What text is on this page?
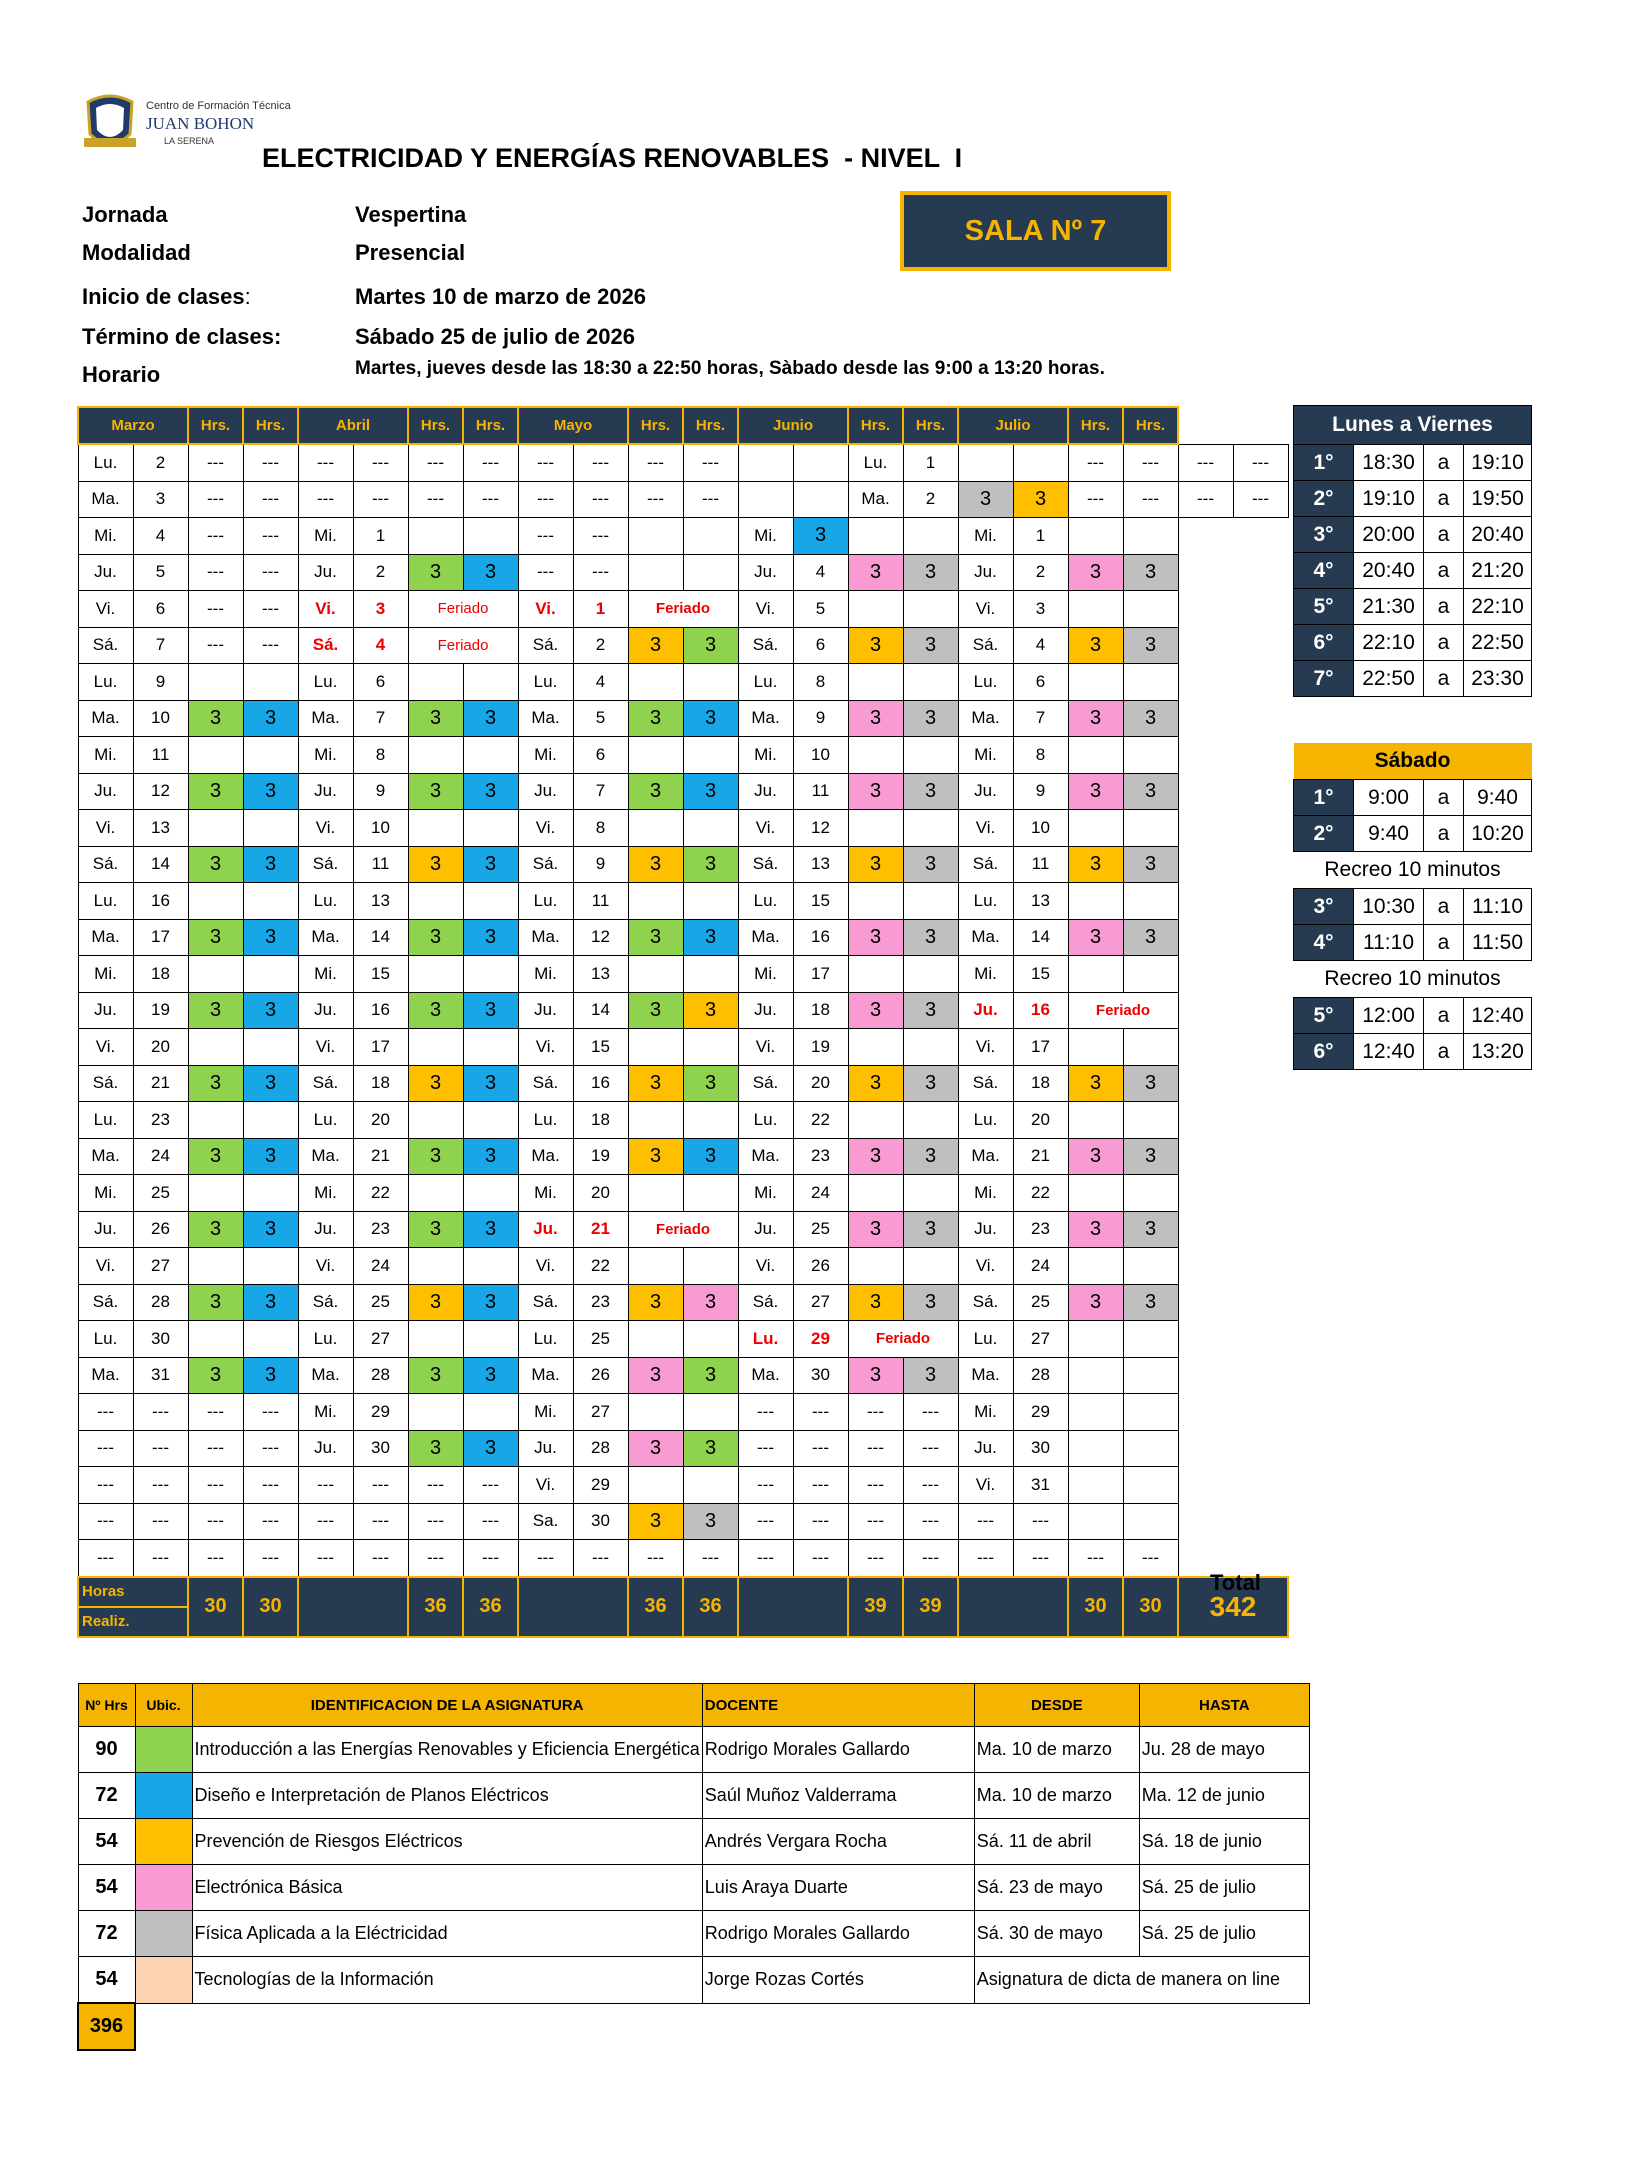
Centro de Formación Técnica
JUAN BOHON
LA SERENA
ELECTRICIDAD Y ENERGÍAS RENOVABLES  - NIVEL  I
Jornada	Vespertina
Modalidad	Presencial
Inicio de clases:	Martes 10 de marzo de 2026
Término de clases:	Sábado 25 de julio de 2026
Horario	Martes, jueves desde las 18:30 a 22:50 horas, Sàbado desde las 9:00 a 13:20 horas.
SALA Nº 7
Marzo		Hrs.	Hrs.	Abril		Hrs.	Hrs.	Mayo		Hrs.	Hrs.	Junio		Hrs.	Hrs.	Julio		Hrs.	Hrs.		
Lu.	2	---	---	---	---	---	---	---	---	---	---			Lu.	1			---	---	---	---
Ma.	3	---	---	---	---	---	---	---	---	---	---			Ma.	2	3	3	---	---	---	---
Mi.	4	---	---	Mi.	1			---	---			Mi.	3			Mi.	1				
Ju.	5	---	---	Ju.	2	3	3	---	---			Ju.	4	3	3	Ju.	2	3	3		
Vi.	6	---	---	Vi.	3	Feriado		Vi.	1	Feriado		Vi.	5			Vi.	3				
Sá.	7	---	---	Sá.	4	Feriado		Sá.	2	3	3	Sá.	6	3	3	Sá.	4	3	3		
Lu.	9			Lu.	6			Lu.	4			Lu.	8			Lu.	6				
Ma.	10	3	3	Ma.	7	3	3	Ma.	5	3	3	Ma.	9	3	3	Ma.	7	3	3		
Mi.	11			Mi.	8			Mi.	6			Mi.	10			Mi.	8				
Ju.	12	3	3	Ju.	9	3	3	Ju.	7	3	3	Ju.	11	3	3	Ju.	9	3	3		
Vi.	13			Vi.	10			Vi.	8			Vi.	12			Vi.	10				
Sá.	14	3	3	Sá.	11	3	3	Sá.	9	3	3	Sá.	13	3	3	Sá.	11	3	3		
Lu.	16			Lu.	13			Lu.	11			Lu.	15			Lu.	13				
Ma.	17	3	3	Ma.	14	3	3	Ma.	12	3	3	Ma.	16	3	3	Ma.	14	3	3		
Mi.	18			Mi.	15			Mi.	13			Mi.	17			Mi.	15				
Ju.	19	3	3	Ju.	16	3	3	Ju.	14	3	3	Ju.	18	3	3	Ju.	16	Feriado			
Vi.	20			Vi.	17			Vi.	15			Vi.	19			Vi.	17				
Sá.	21	3	3	Sá.	18	3	3	Sá.	16	3	3	Sá.	20	3	3	Sá.	18	3	3		
Lu.	23			Lu.	20			Lu.	18			Lu.	22			Lu.	20				
Ma.	24	3	3	Ma.	21	3	3	Ma.	19	3	3	Ma.	23	3	3	Ma.	21	3	3		
Mi.	25			Mi.	22			Mi.	20			Mi.	24			Mi.	22				
Ju.	26	3	3	Ju.	23	3	3	Ju.	21	Feriado		Ju.	25	3	3	Ju.	23	3	3		
Vi.	27			Vi.	24			Vi.	22			Vi.	26			Vi.	24				
Sá.	28	3	3	Sá.	25	3	3	Sá.	23	3	3	Sá.	27	3	3	Sá.	25	3	3		
Lu.	30			Lu.	27			Lu.	25			Lu.	29	Feriado		Lu.	27				
Ma.	31	3	3	Ma.	28	3	3	Ma.	26	3	3	Ma.	30	3	3	Ma.	28				
---	---	---	---	Mi.	29			Mi.	27			---	---	---	---	Mi.	29				
---	---	---	---	Ju.	30	3	3	Ju.	28	3	3	---	---	---	---	Ju.	30				
---	---	---	---	---	---	---	---	Vi.	29			---	---	---	---	Vi.	31				
---	---	---	---	---	---	---	---	Sa.	30	3	3	---	---	---	---	---	---				
---	---	---	---	---	---	---	---	---	---	---	---	---	---	---	---	---	---	---	---		
Horas		30	30			36	36			36	36			39	39			30	30	342	
Realiz.																					
Total
Lunes a Viernes			
1°	18:30	a	19:10
2°	19:10	a	19:50
3°	20:00	a	20:40
4°	20:40	a	21:20
5°	21:30	a	22:10
6°	22:10	a	22:50
7°	22:50	a	23:30
Sábado			
1°	9:00	a	9:40
2°	9:40	a	10:20
Recreo 10 minutos			
3°	10:30	a	11:10
4°	11:10	a	11:50
Recreo 10 minutos			
5°	12:00	a	12:40
6°	12:40	a	13:20
Nº Hrs	Ubic.	IDENTIFICACION DE LA ASIGNATURA	DOCENTE	DESDE	HASTA
90		Introducción a las Energías Renovables y Eficiencia Energética	Rodrigo Morales Gallardo	Ma. 10 de marzo	Ju. 28 de mayo
72		Diseño e Interpretación de Planos Eléctricos	Saúl Muñoz Valderrama	Ma. 10 de marzo	Ma. 12 de junio
54		Prevención de Riesgos Eléctricos	Andrés Vergara Rocha	Sá. 11 de abril	Sá. 18 de junio
54		Electrónica Básica	Luis Araya Duarte	Sá. 23 de mayo	Sá. 25 de julio
72		Física Aplicada a la Eléctricidad	Rodrigo Morales Gallardo	Sá. 30 de mayo	Sá. 25 de julio
54		Tecnologías de la Información	Jorge Rozas Cortés	Asignatura de dicta de manera on line	
396					
